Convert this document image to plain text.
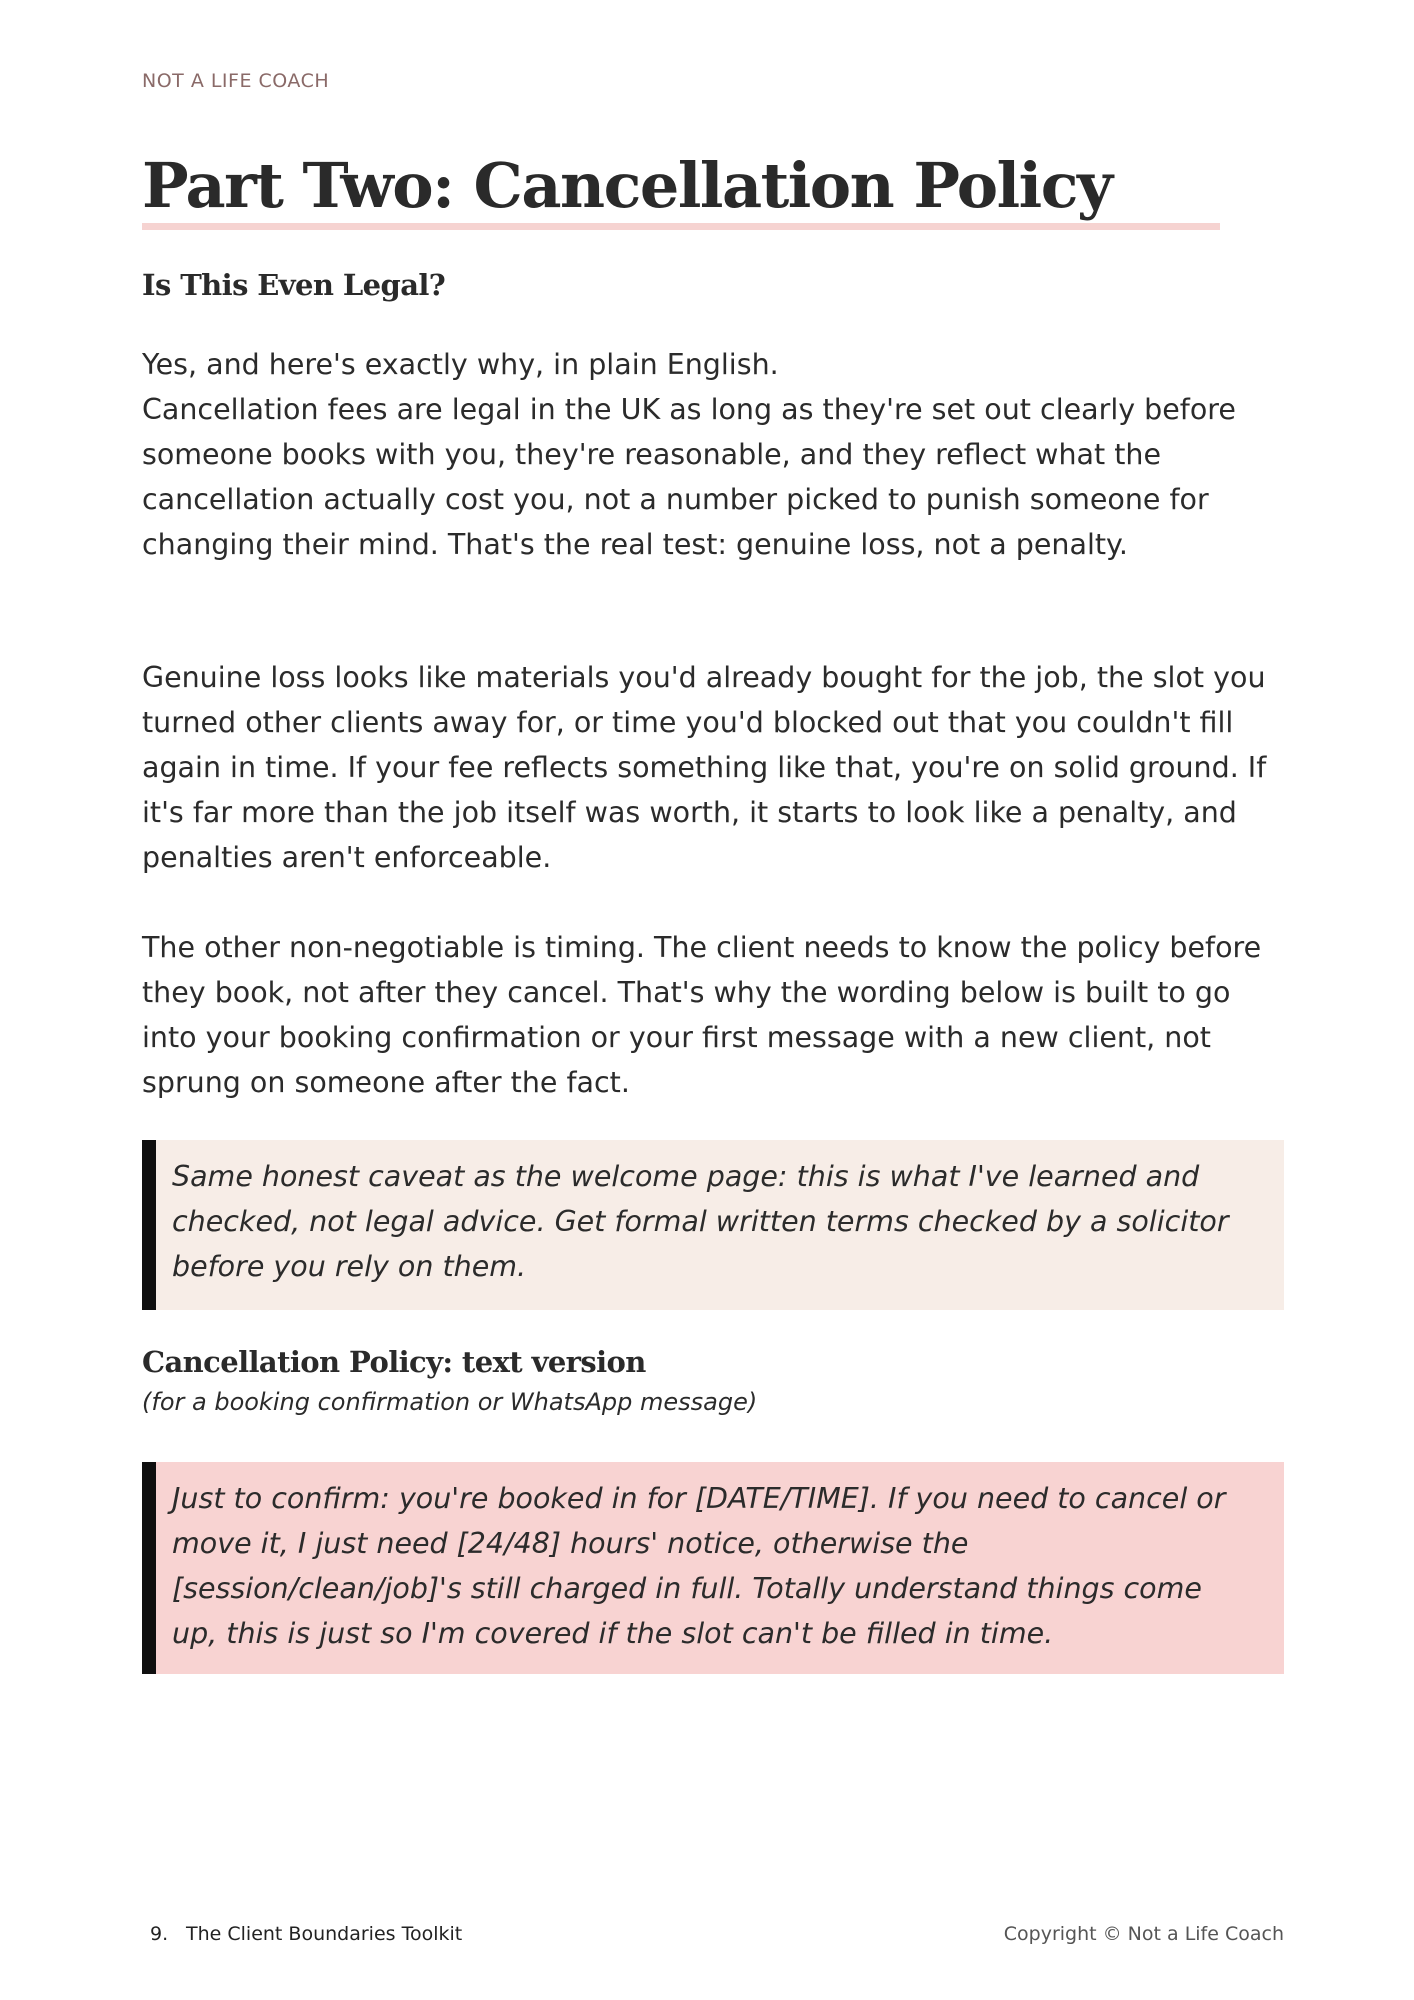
NOT A LIFE COACH
Part Two: Cancellation Policy
Is This Even Legal?

Yes, and here's exactly why, in plain English.
Cancellation fees are legal in the UK as long as they're set out clearly before someone books with you, they're reasonable, and they reflect what the cancellation actually cost you, not a number picked to punish someone for changing their mind. That's the real test: genuine loss, not a penalty.

Genuine loss looks like materials you'd already bought for the job, the slot you turned other clients away for, or time you'd blocked out that you couldn't fill again in time. If your fee reflects something like that, you're on solid ground. If it's far more than the job itself was worth, it starts to look like a penalty, and penalties aren't enforceable.

The other non-negotiable is timing. The client needs to know the policy before they book, not after they cancel. That's why the wording below is built to go into your booking confirmation or your first message with a new client, not sprung on someone after the fact.

Same honest caveat as the welcome page: this is what I've learned and checked, not legal advice. Get formal written terms checked by a solicitor before you rely on them.

Cancellation Policy: text version

(for a booking confirmation or WhatsApp message)

Just to confirm: you're booked in for [DATE/TIME]. If you need to cancel or move it, I just need [24/48] hours' notice, otherwise the [session/clean/job]'s still charged in full. Totally understand things come up, this is just so I'm covered if the slot can't be filled in time.

9. The Client Boundaries Toolkit	Copyright © Not a Life Coach
